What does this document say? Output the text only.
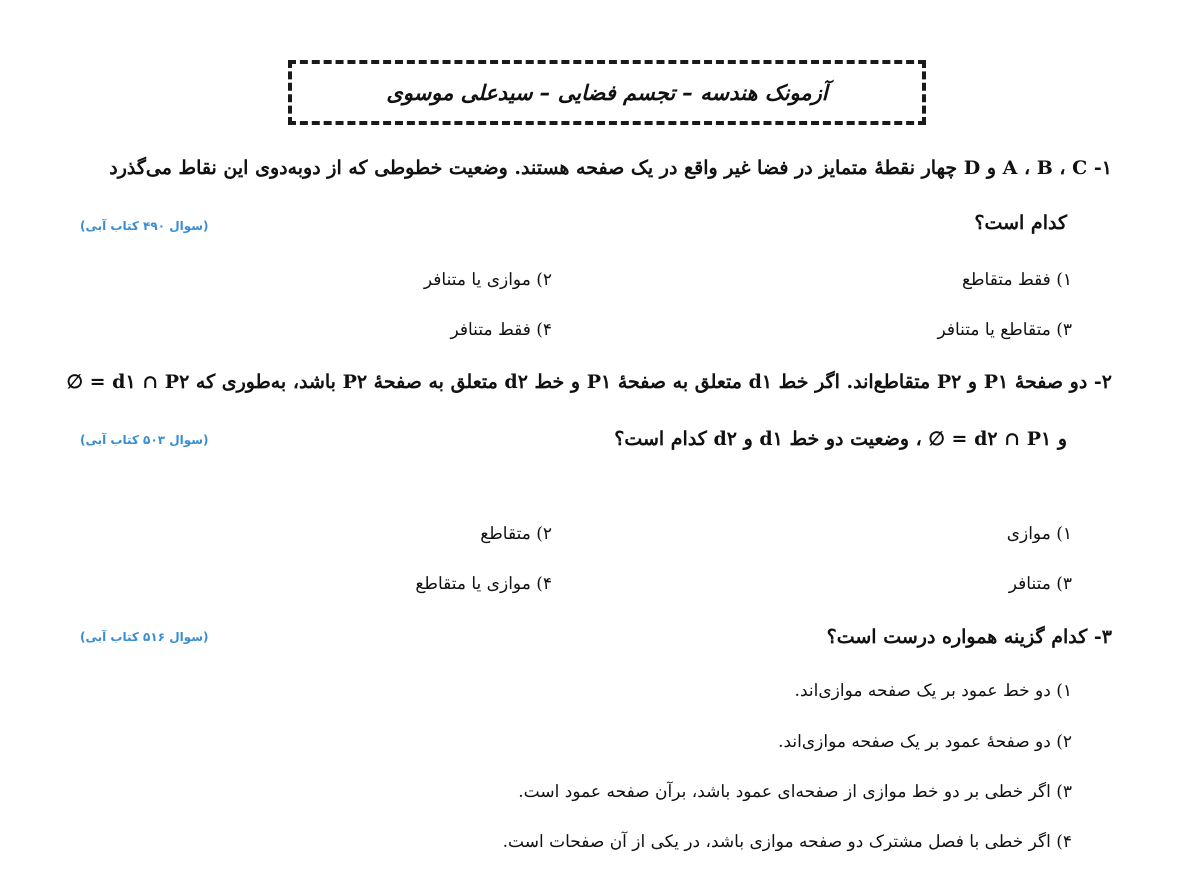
آزمونک هندسه – تجسم فضایی – سیدعلی موسوی
۱- A ، B ، C و D چهار نقطهٔ متمایز در فضا غیر واقع در یک صفحه هستند. وضعیت خطوطی که از دوبه‌دوی این نقاط می‌گذرد
کدام است؟
(سوال ۴۹۰ کتاب آبی)
۱) فقط متقاطع
۲) موازی یا متنافر
۳) متقاطع یا متنافر
۴) فقط متنافر
۲- دو صفحهٔ P۱ و P۲ متقاطع‌اند. اگر خط d۱ متعلق به صفحهٔ P۱ و خط d۲ متعلق به صفحهٔ P۲ باشد، به‌طوری که d۱ ∩ P۲ = ∅
و d۲ ∩ P۱ = ∅ ، وضعیت دو خط d۱ و d۲ کدام است؟
(سوال ۵۰۳ کتاب آبی)
۱) موازی
۲) متقاطع
۳) متنافر
۴) موازی یا متقاطع
۳- کدام گزینه همواره درست است؟
(سوال ۵۱۶ کتاب آبی)
۱) دو خط عمود بر یک صفحه موازی‌اند.
۲) دو صفحهٔ عمود بر یک صفحه موازی‌اند.
۳) اگر خطی بر دو خط موازی از صفحه‌ای عمود باشد، برآن صفحه عمود است.
۴) اگر خطی با فصل مشترک دو صفحه موازی باشد، در یکی از آن صفحات است.
